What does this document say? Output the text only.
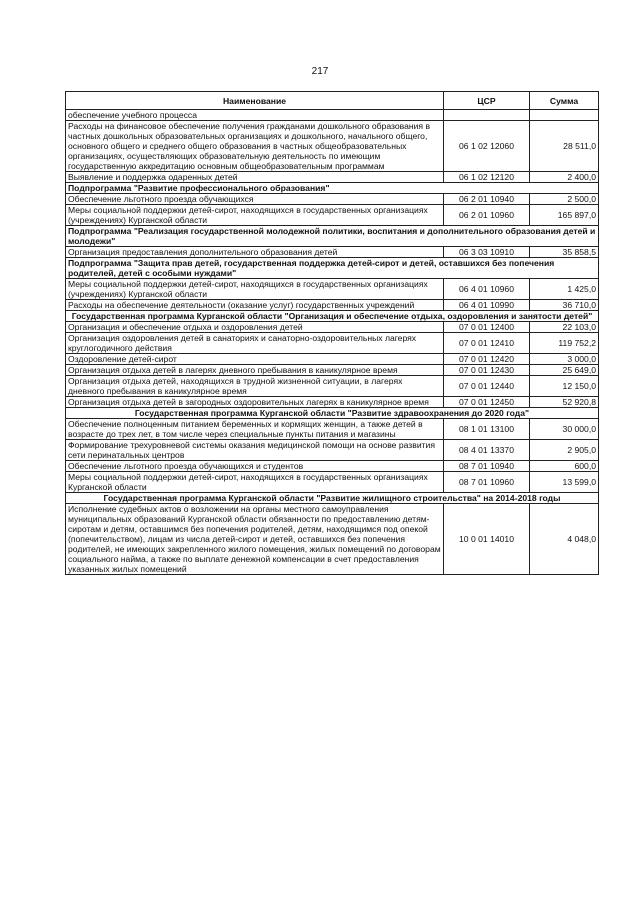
217
Наименование	ЦСР	Сумма
обеспечение учебного процесса		
Расходы на финансовое обеспечение получения гражданами дошкольного образования в частных дошкольных образовательных организациях и дошкольного, начального общего, основного общего и среднего общего образования в частных общеобразовательных организациях, осуществляющих образовательную деятельность по имеющим государственную аккредитацию основным общеобразовательным программам	06 1 02 12060	28 511,0
Выявление и поддержка одаренных детей	06 1 02 12120	2 400,0
Подпрограмма "Развитие профессионального образования"		
Обеспечение льготного проезда обучающихся	06 2 01 10940	2 500,0
Меры социальной поддержки детей-сирот, находящихся в государственных организациях (учреждениях) Курганской области	06 2 01 10960	165 897,0
Подпрограмма "Реализация государственной молодежной политики, воспитания и дополнительного образования детей и молодежи"		
Организация предоставления дополнительного образования детей	06 3 03 10910	35 858,5
Подпрограмма "Защита прав детей, государственная поддержка детей-сирот и детей, оставшихся без попечения родителей, детей с особыми нуждами"		
Меры социальной поддержки детей-сирот, находящихся в государственных организациях (учреждениях) Курганской области	06 4 01 10960	1 425,0
Расходы на обеспечение деятельности (оказание услуг) государственных учреждений	06 4 01 10990	36 710,0
Государственная программа Курганской области "Организация и обеспечение отдыха, оздоровления и занятости детей"		
Организация и обеспечение отдыха и оздоровления детей	07 0 01 12400	22 103,0
Организация оздоровления детей в санаториях и санаторно-оздоровительных лагерях круглогодичного действия	07 0 01 12410	119 752,2
Оздоровление детей-сирот	07 0 01 12420	3 000,0
Организация отдыха детей в лагерях дневного пребывания в каникулярное время	07 0 01 12430	25 649,0
Организация отдыха детей, находящихся в трудной жизненной ситуации, в лагерях дневного пребывания в каникулярное время	07 0 01 12440	12 150,0
Организация отдыха детей в загородных оздоровительных лагерях в каникулярное время	07 0 01 12450	52 920,8
Государственная программа Курганской области "Развитие здравоохранения до 2020 года"		
Обеспечение полноценным питанием беременных и кормящих женщин, а также детей в возрасте до трех лет, в том числе через специальные пункты питания и магазины	08 1 01 13100	30 000,0
Формирование трехуровневой системы оказания медицинской помощи на основе развития сети перинатальных центров	08 4 01 13370	2 905,0
Обеспечение льготного проезда обучающихся и студентов	08 7 01 10940	600,0
Меры социальной поддержки детей-сирот, находящихся в государственных организациях Курганской области	08 7 01 10960	13 599,0
Государственная программа Курганской области "Развитие жилищного строительства" на 2014-2018 годы		
Исполнение судебных актов о возложении на органы местного самоуправления муниципальных образований Курганской области обязанности по предоставлению детям-сиротам и детям, оставшимся без попечения родителей, детям, находящимся под опекой (попечительством), лицам из числа детей-сирот и детей, оставшихся без попечения родителей, не имеющих закрепленного жилого помещения, жилых помещений по договорам социального найма, а также по выплате денежной компенсации в счет предоставления указанных жилых помещений	10 0 01 14010	4 048,0
